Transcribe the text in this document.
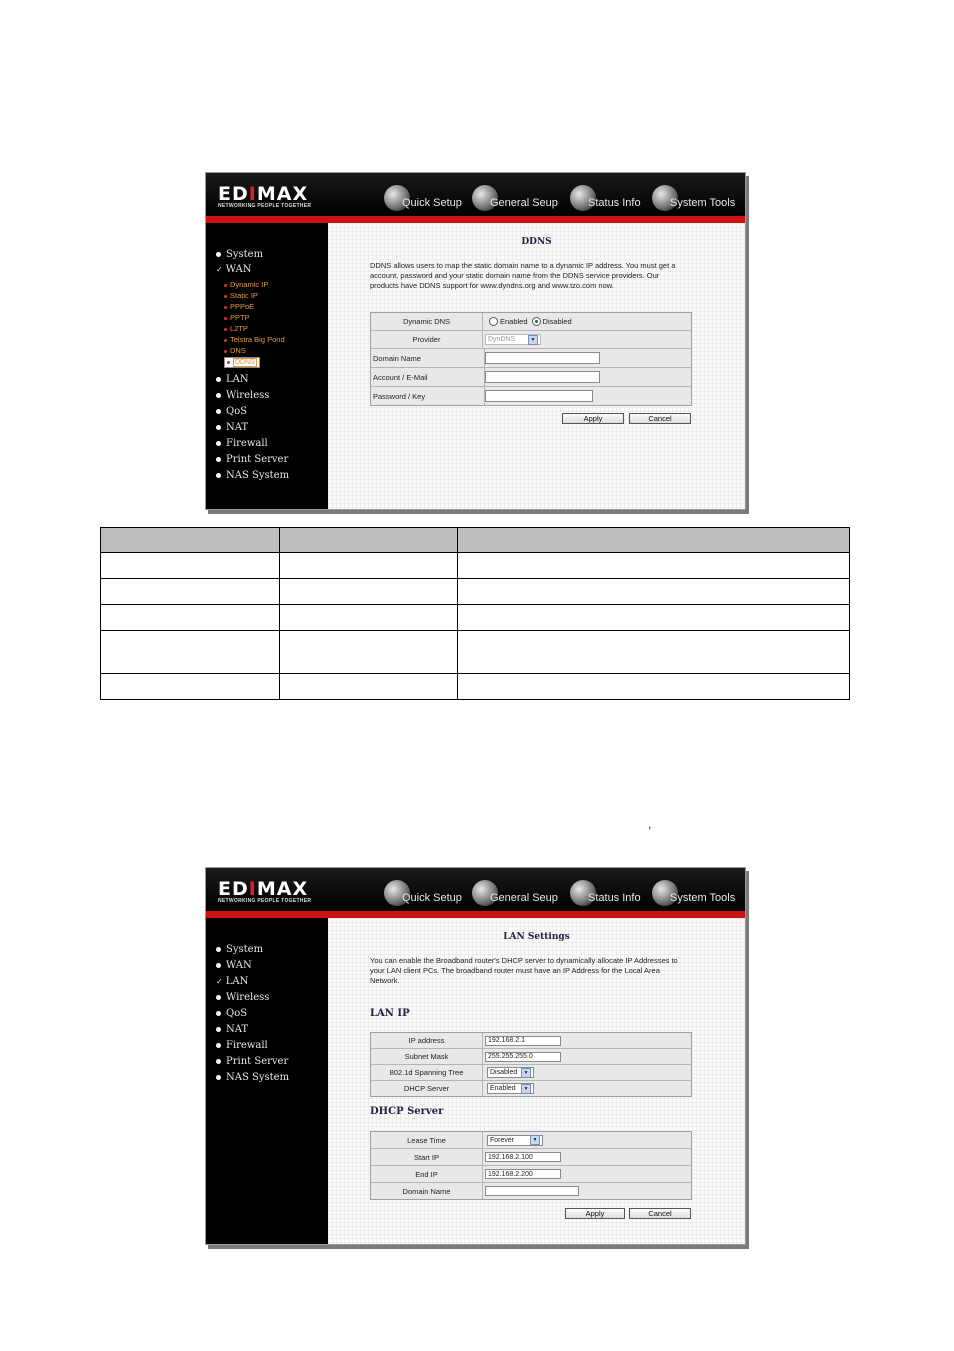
EDIMAX
NETWORKING PEOPLE TOGETHER	Quick Setup	General Seup	Status Info	System Tools
System
✓ WAN
Dynamic IP
Static IP
PPPoE
PPTP
L2TP
Telstra Big Pond
DNS
DDNS
LAN
Wireless
QoS
NAT
Firewall
Print Server
NAS System
DDNS
DDNS allows users to map the static domain name to a dynamic IP address. You must get a account, password and your static domain name from the DDNS service providers. Our products have DDNS support for www.dyndns.org and www.tzo.com now.
Dynamic DNS	Enabled Disabled
Provider	DynDNS	▼
Domain Name
Account / E-Mail
Password / Key
Apply	Cancel

,
EDIMAX
NETWORKING PEOPLE TOGETHER	Quick Setup	General Seup	Status Info	System Tools
System
WAN
✓ LAN
Wireless
QoS
NAT
Firewall
Print Server
NAS System
LAN Settings
You can enable the Broadband router's DHCP server to dynamically allocate IP Addresses to your LAN client PCs. The broadband router must have an IP Address for the Local Area Network.
LAN IP
IP address	192.168.2.1
Subnet Mask	255.255.255.0
802.1d Spanning Tree	Disabled	▼
DHCP Server	Enabled	▼
DHCP Server
Lease Time	Forever	▼
Start IP	192.168.2.100
End IP	192.168.2.200
Domain Name
Apply	Cancel
